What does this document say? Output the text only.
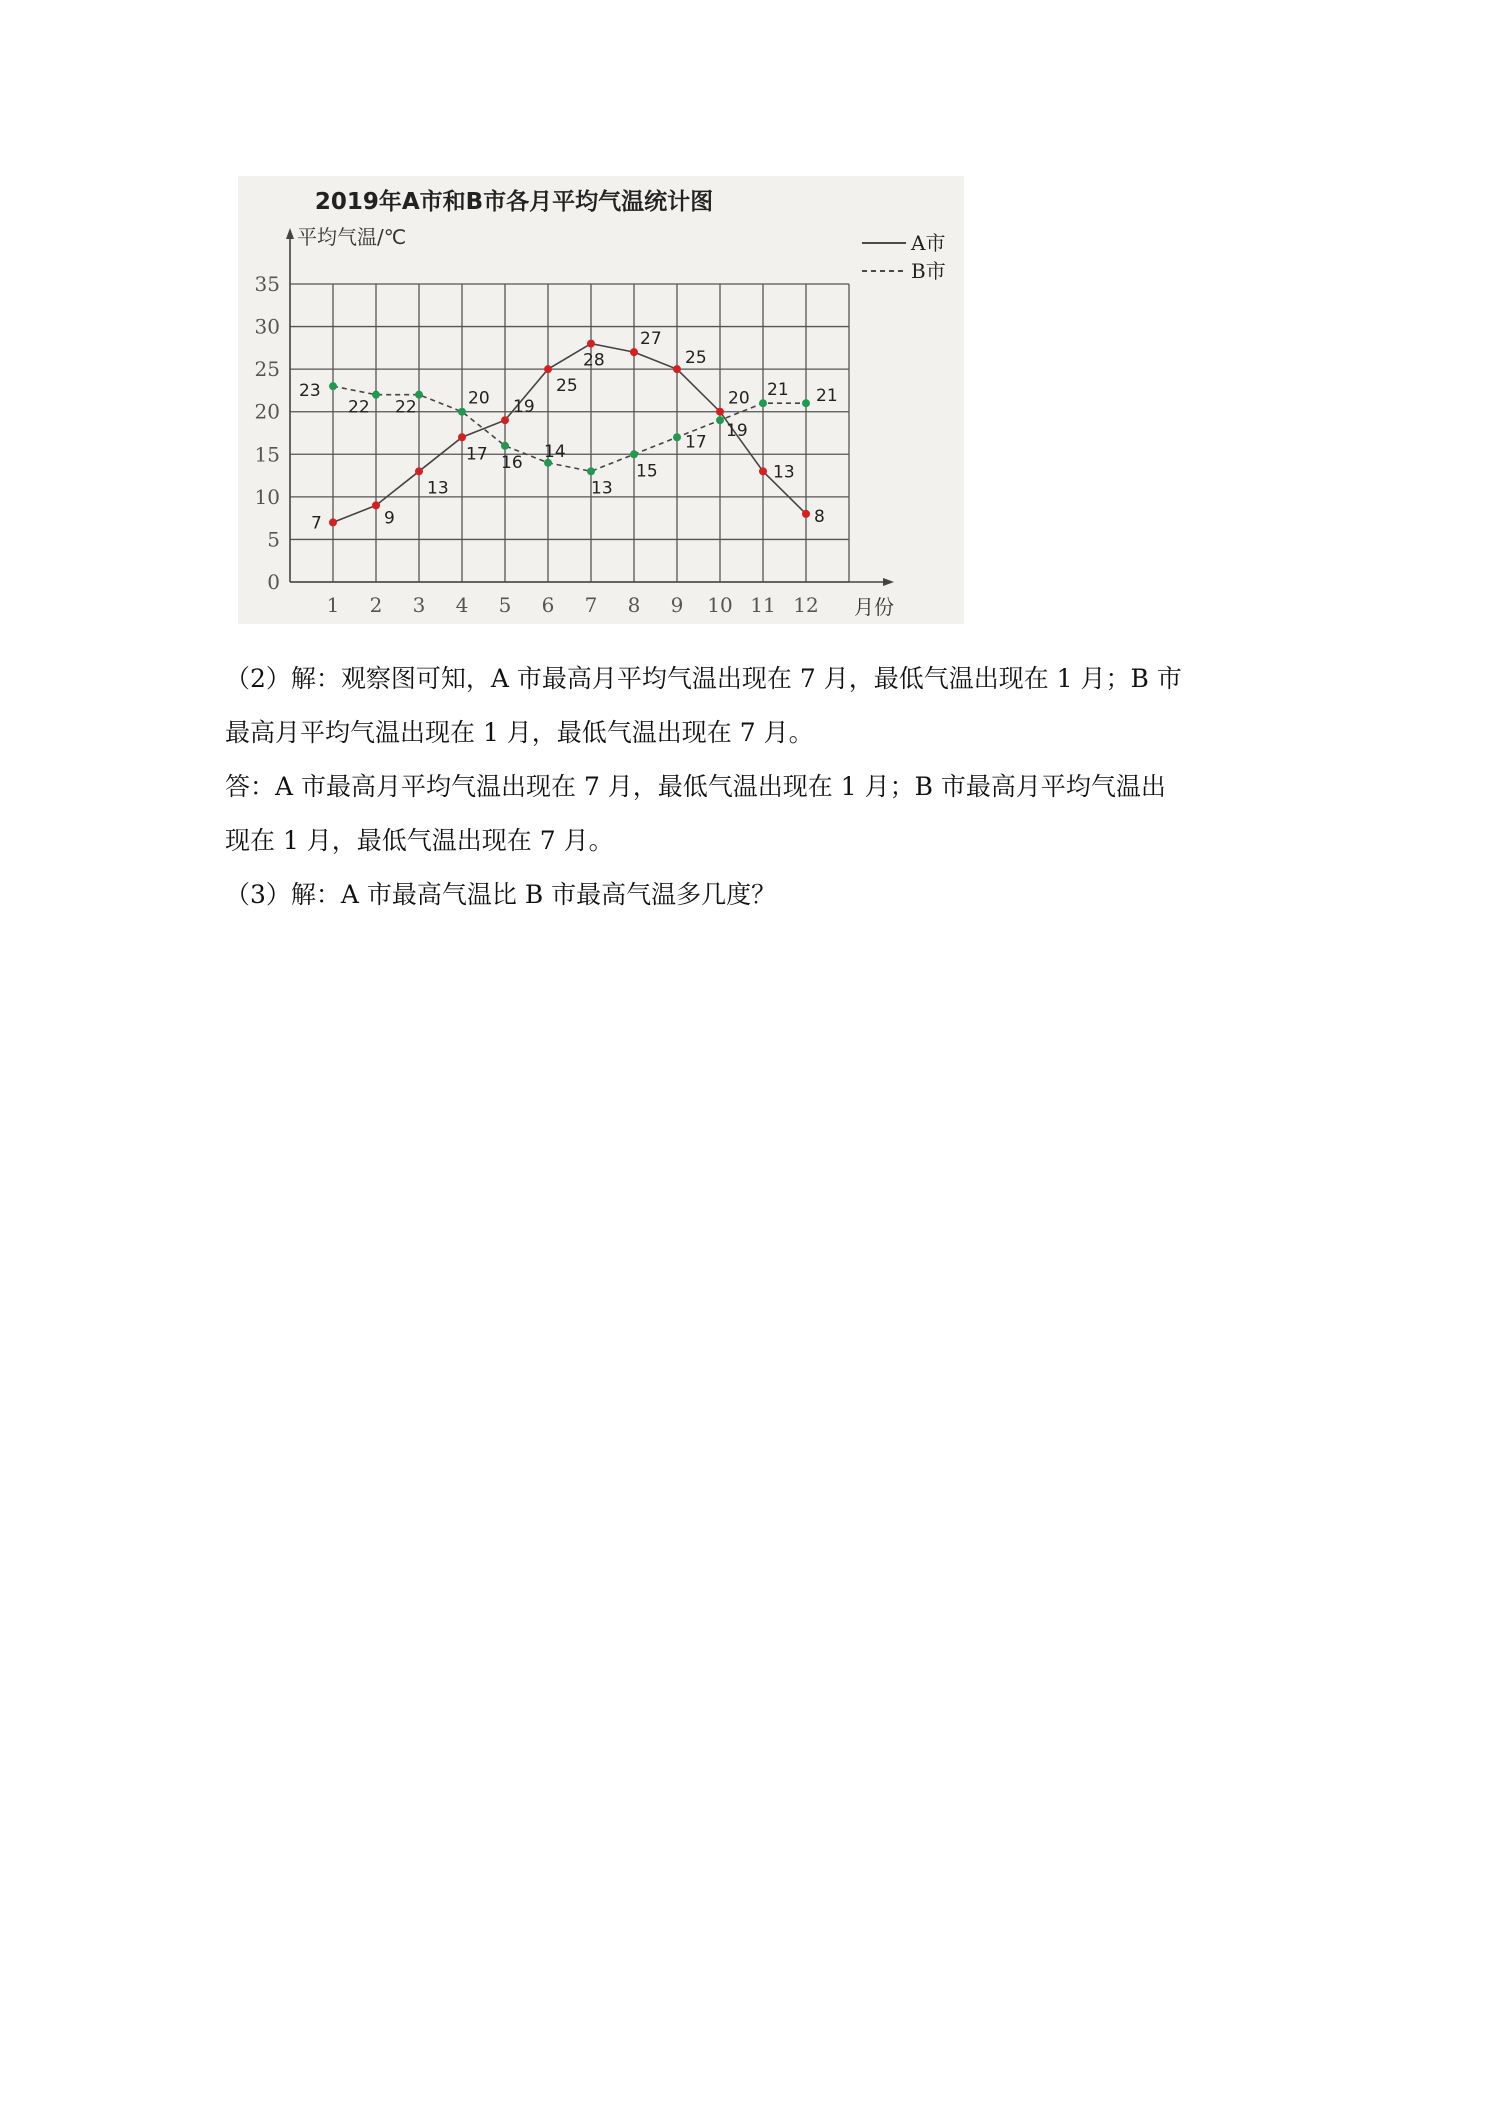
2019年A市和B市各月平均气温统计图
平均气温/℃
月份
0
5
10
15
20
25
30
35
1 2 3 4 5 6 7 8 9 10 11 12
A市
B市
7	9
13
17
19
25
28
27
25
20
13
8
23
22 22	20
16
14
13
15
17
19
21 21

（2）解：观察图可知，A 市最高月平均气温出现在 7 月，最低气温出现在 1 月；B 市

最高月平均气温出现在 1 月，最低气温出现在 7 月。

答：A 市最高月平均气温出现在 7 月，最低气温出现在 1 月；B 市最高月平均气温出

现在 1 月，最低气温出现在 7 月。

（3）解：A 市最高气温比 B 市最高气温多几度？
